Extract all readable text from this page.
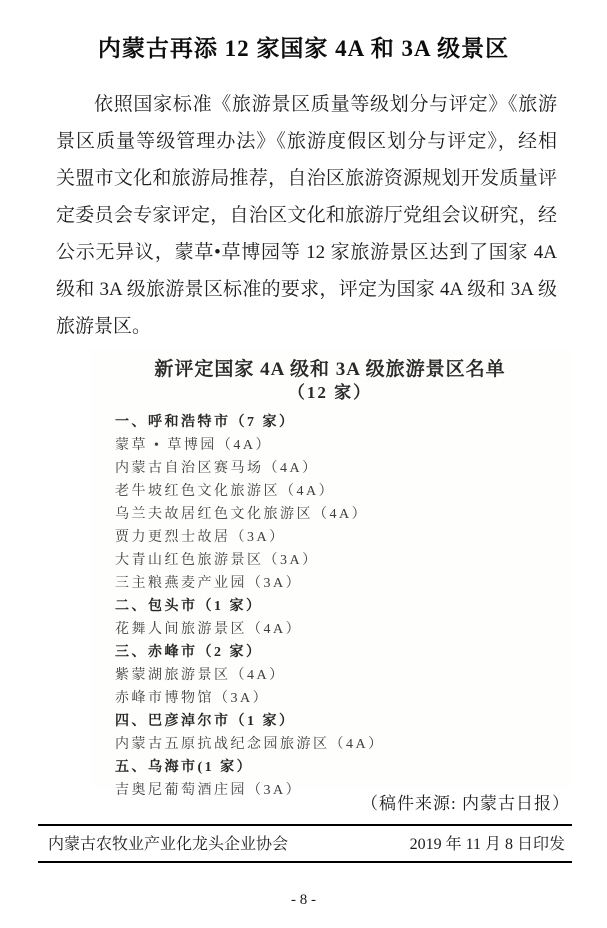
内蒙古再添 12 家国家 4A 和 3A 级景区
依照国家标准《旅游景区质量等级划分与评定》《旅游
景区质量等级管理办法》《旅游度假区划分与评定》，经相
关盟市文化和旅游局推荐，自治区旅游资源规划开发质量评
定委员会专家评定，自治区文化和旅游厅党组会议研究，经
公示无异议，蒙草•草博园等 12 家旅游景区达到了国家 4A
级和 3A 级旅游景区标准的要求，评定为国家 4A 级和 3A 级
旅游景区。
新评定国家 4A 级和 3A 级旅游景区名单
（12 家）
一、呼和浩特市（7 家）
蒙草 • 草博园（4A）
内蒙古自治区赛马场（4A）
老牛坡红色文化旅游区（4A）
乌兰夫故居红色文化旅游区（4A）
贾力更烈士故居（3A）
大青山红色旅游景区（3A）
三主粮燕麦产业园（3A）
二、包头市（1 家）
花舞人间旅游景区（4A）
三、赤峰市（2 家）
紫蒙湖旅游景区（4A）
赤峰市博物馆（3A）
四、巴彦淖尔市（1 家）
内蒙古五原抗战纪念园旅游区（4A）
五、乌海市(1 家）
吉奥尼葡萄酒庄园（3A）
（稿件来源: 内蒙古日报）
内蒙古农牧业产业化龙头企业协会	2019 年 11 月 8 日印发
- 8 -
